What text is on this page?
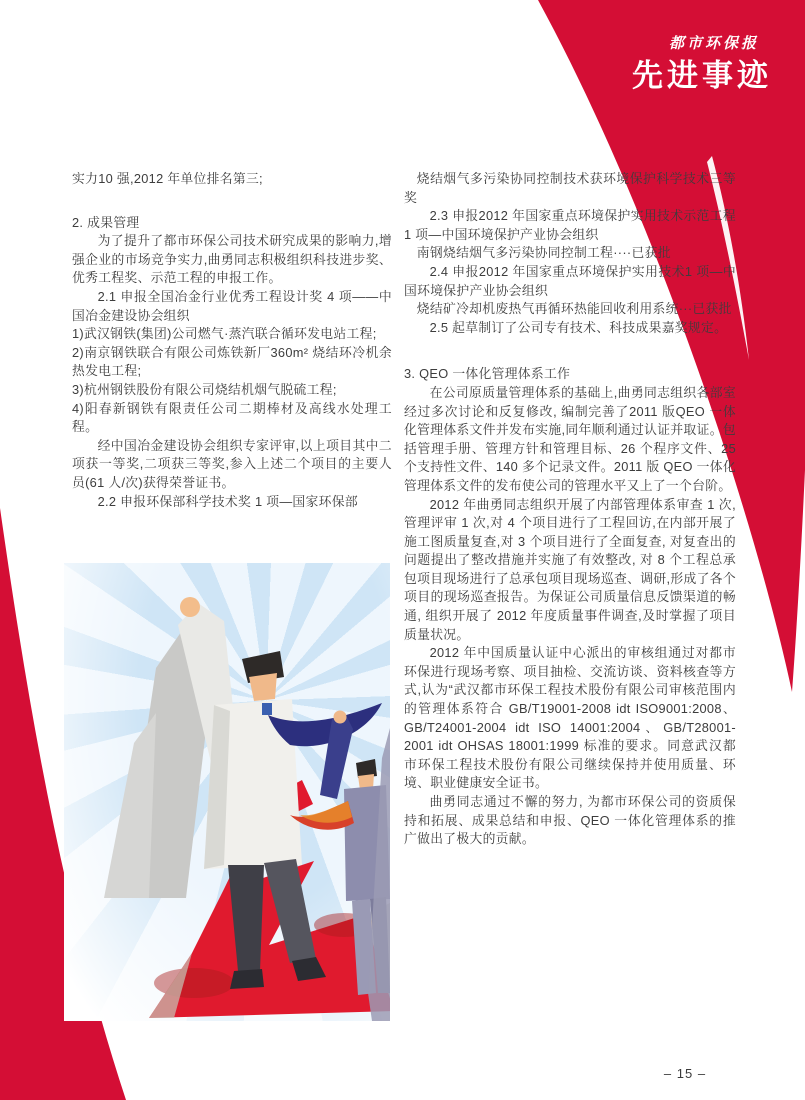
都市环保报
先进事迹

实力10 强,2012 年单位排名第三;

2. 成果管理

为了提升了都市环保公司技术研究成果的影响力,增强企业的市场竞争实力,曲勇同志积极组织科技进步奖、优秀工程奖、示范工程的申报工作。

2.1 申报全国冶金行业优秀工程设计奖 4 项——中国冶金建设协会组织

1)武汉钢铁(集团)公司燃气·蒸汽联合循环发电站工程;

2)南京钢铁联合有限公司炼铁新厂360m² 烧结环冷机余热发电工程;

3)杭州钢铁股份有限公司烧结机烟气脱硫工程;

4)阳春新钢铁有限责任公司二期棒材及高线水处理工程。

经中国冶金建设协会组织专家评审,以上项目其中二项获一等奖,二项获三等奖,参入上述二个项目的主要人员(61 人/次)获得荣誉证书。

2.2 申报环保部科学技术奖 1 项—国家环保部

烧结烟气多污染协同控制技术获环境保护科学技术三等奖

2.3 申报2012 年国家重点环境保护实用技术示范工程1 项—中国环境保护产业协会组织

南钢烧结烟气多污染协同控制工程····已获批

2.4 申报2012 年国家重点环境保护实用技术1 项—中国环境保护产业协会组织

烧结矿冷却机废热气再循环热能回收利用系统···已获批

2.5 起草制订了公司专有技术、科技成果嘉奖规定。

3. QEO 一体化管理体系工作

在公司原质量管理体系的基础上,曲勇同志组织各部室经过多次讨论和反复修改, 编制完善了2011 版QEO 一体化管理体系文件并发布实施,同年顺利通过认证并取证。包括管理手册、管理方针和管理目标、26 个程序文件、25 个支持性文件、140 多个记录文件。2011 版 QEO 一体化管理体系文件的发布使公司的管理水平又上了一个台阶。

2012 年曲勇同志组织开展了内部管理体系审查 1 次,管理评审 1 次,对 4 个项目进行了工程回访,在内部开展了施工图质量复查,对 3 个项目进行了全面复查, 对复查出的问题提出了整改措施并实施了有效整改, 对 8 个工程总承包项目现场进行了总承包项目现场巡查、调研,形成了各个项目的现场巡查报告。为保证公司质量信息反馈渠道的畅通, 组织开展了 2012 年度质量事件调查,及时掌握了项目质量状况。

2012 年中国质量认证中心派出的审核组通过对都市环保进行现场考察、项目抽检、交流访谈、资料核查等方式,认为“武汉都市环保工程技术股份有限公司审核范围内的管理体系符合 GB/T19001-2008 idt ISO9001:2008、GB/T24001-2004 idt ISO 14001:2004、GB/T28001-2001 idt OHSAS 18001:1999 标准的要求。同意武汉都市环保工程技术股份有限公司继续保持并使用质量、环境、职业健康安全证书。

曲勇同志通过不懈的努力, 为都市环保公司的资质保持和拓展、成果总结和申报、QEO 一体化管理体系的推广做出了极大的贡献。

– 15 –
